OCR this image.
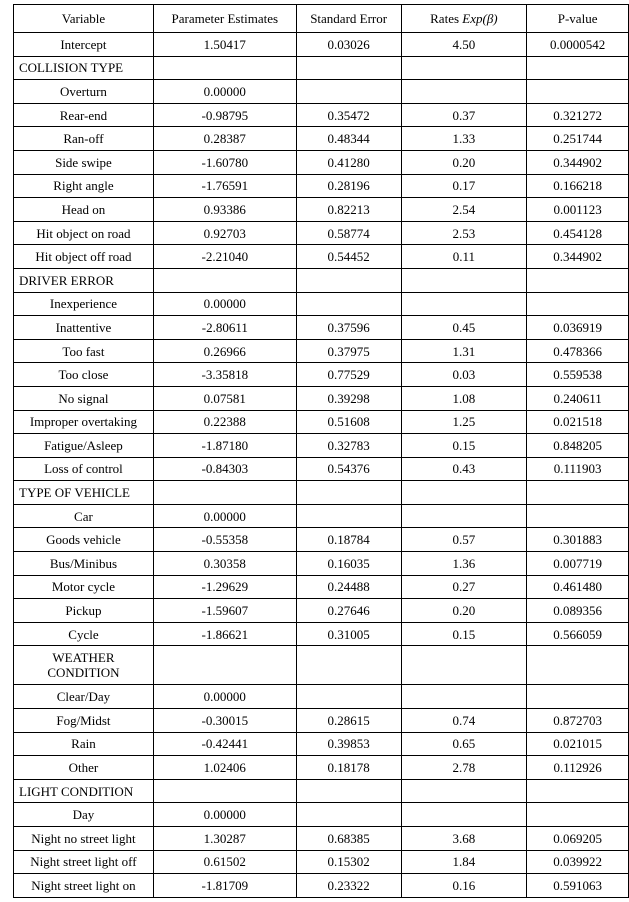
Variable	Parameter Estimates	Standard Error	Rates Exp(β)	P-value
Intercept	1.50417	0.03026	4.50	0.0000542
COLLISION TYPE				
Overturn	0.00000			
Rear-end	-0.98795	0.35472	0.37	0.321272
Ran-off	0.28387	0.48344	1.33	0.251744
Side swipe	-1.60780	0.41280	0.20	0.344902
Right angle	-1.76591	0.28196	0.17	0.166218
Head on	0.93386	0.82213	2.54	0.001123
Hit object on road	0.92703	0.58774	2.53	0.454128
Hit object off road	-2.21040	0.54452	0.11	0.344902
DRIVER ERROR				
Inexperience	0.00000			
Inattentive	-2.80611	0.37596	0.45	0.036919
Too fast	0.26966	0.37975	1.31	0.478366
Too close	-3.35818	0.77529	0.03	0.559538
No signal	0.07581	0.39298	1.08	0.240611
Improper overtaking	0.22388	0.51608	1.25	0.021518
Fatigue/Asleep	-1.87180	0.32783	0.15	0.848205
Loss of control	-0.84303	0.54376	0.43	0.111903
TYPE OF VEHICLE				
Car	0.00000			
Goods vehicle	-0.55358	0.18784	0.57	0.301883
Bus/Minibus	0.30358	0.16035	1.36	0.007719
Motor cycle	-1.29629	0.24488	0.27	0.461480
Pickup	-1.59607	0.27646	0.20	0.089356
Cycle	-1.86621	0.31005	0.15	0.566059
WEATHER CONDITION				
Clear/Day	0.00000			
Fog/Midst	-0.30015	0.28615	0.74	0.872703
Rain	-0.42441	0.39853	0.65	0.021015
Other	1.02406	0.18178	2.78	0.112926
LIGHT CONDITION				
Day	0.00000			
Night no street light	1.30287	0.68385	3.68	0.069205
Night street light off	0.61502	0.15302	1.84	0.039922
Night street light on	-1.81709	0.23322	0.16	0.591063
